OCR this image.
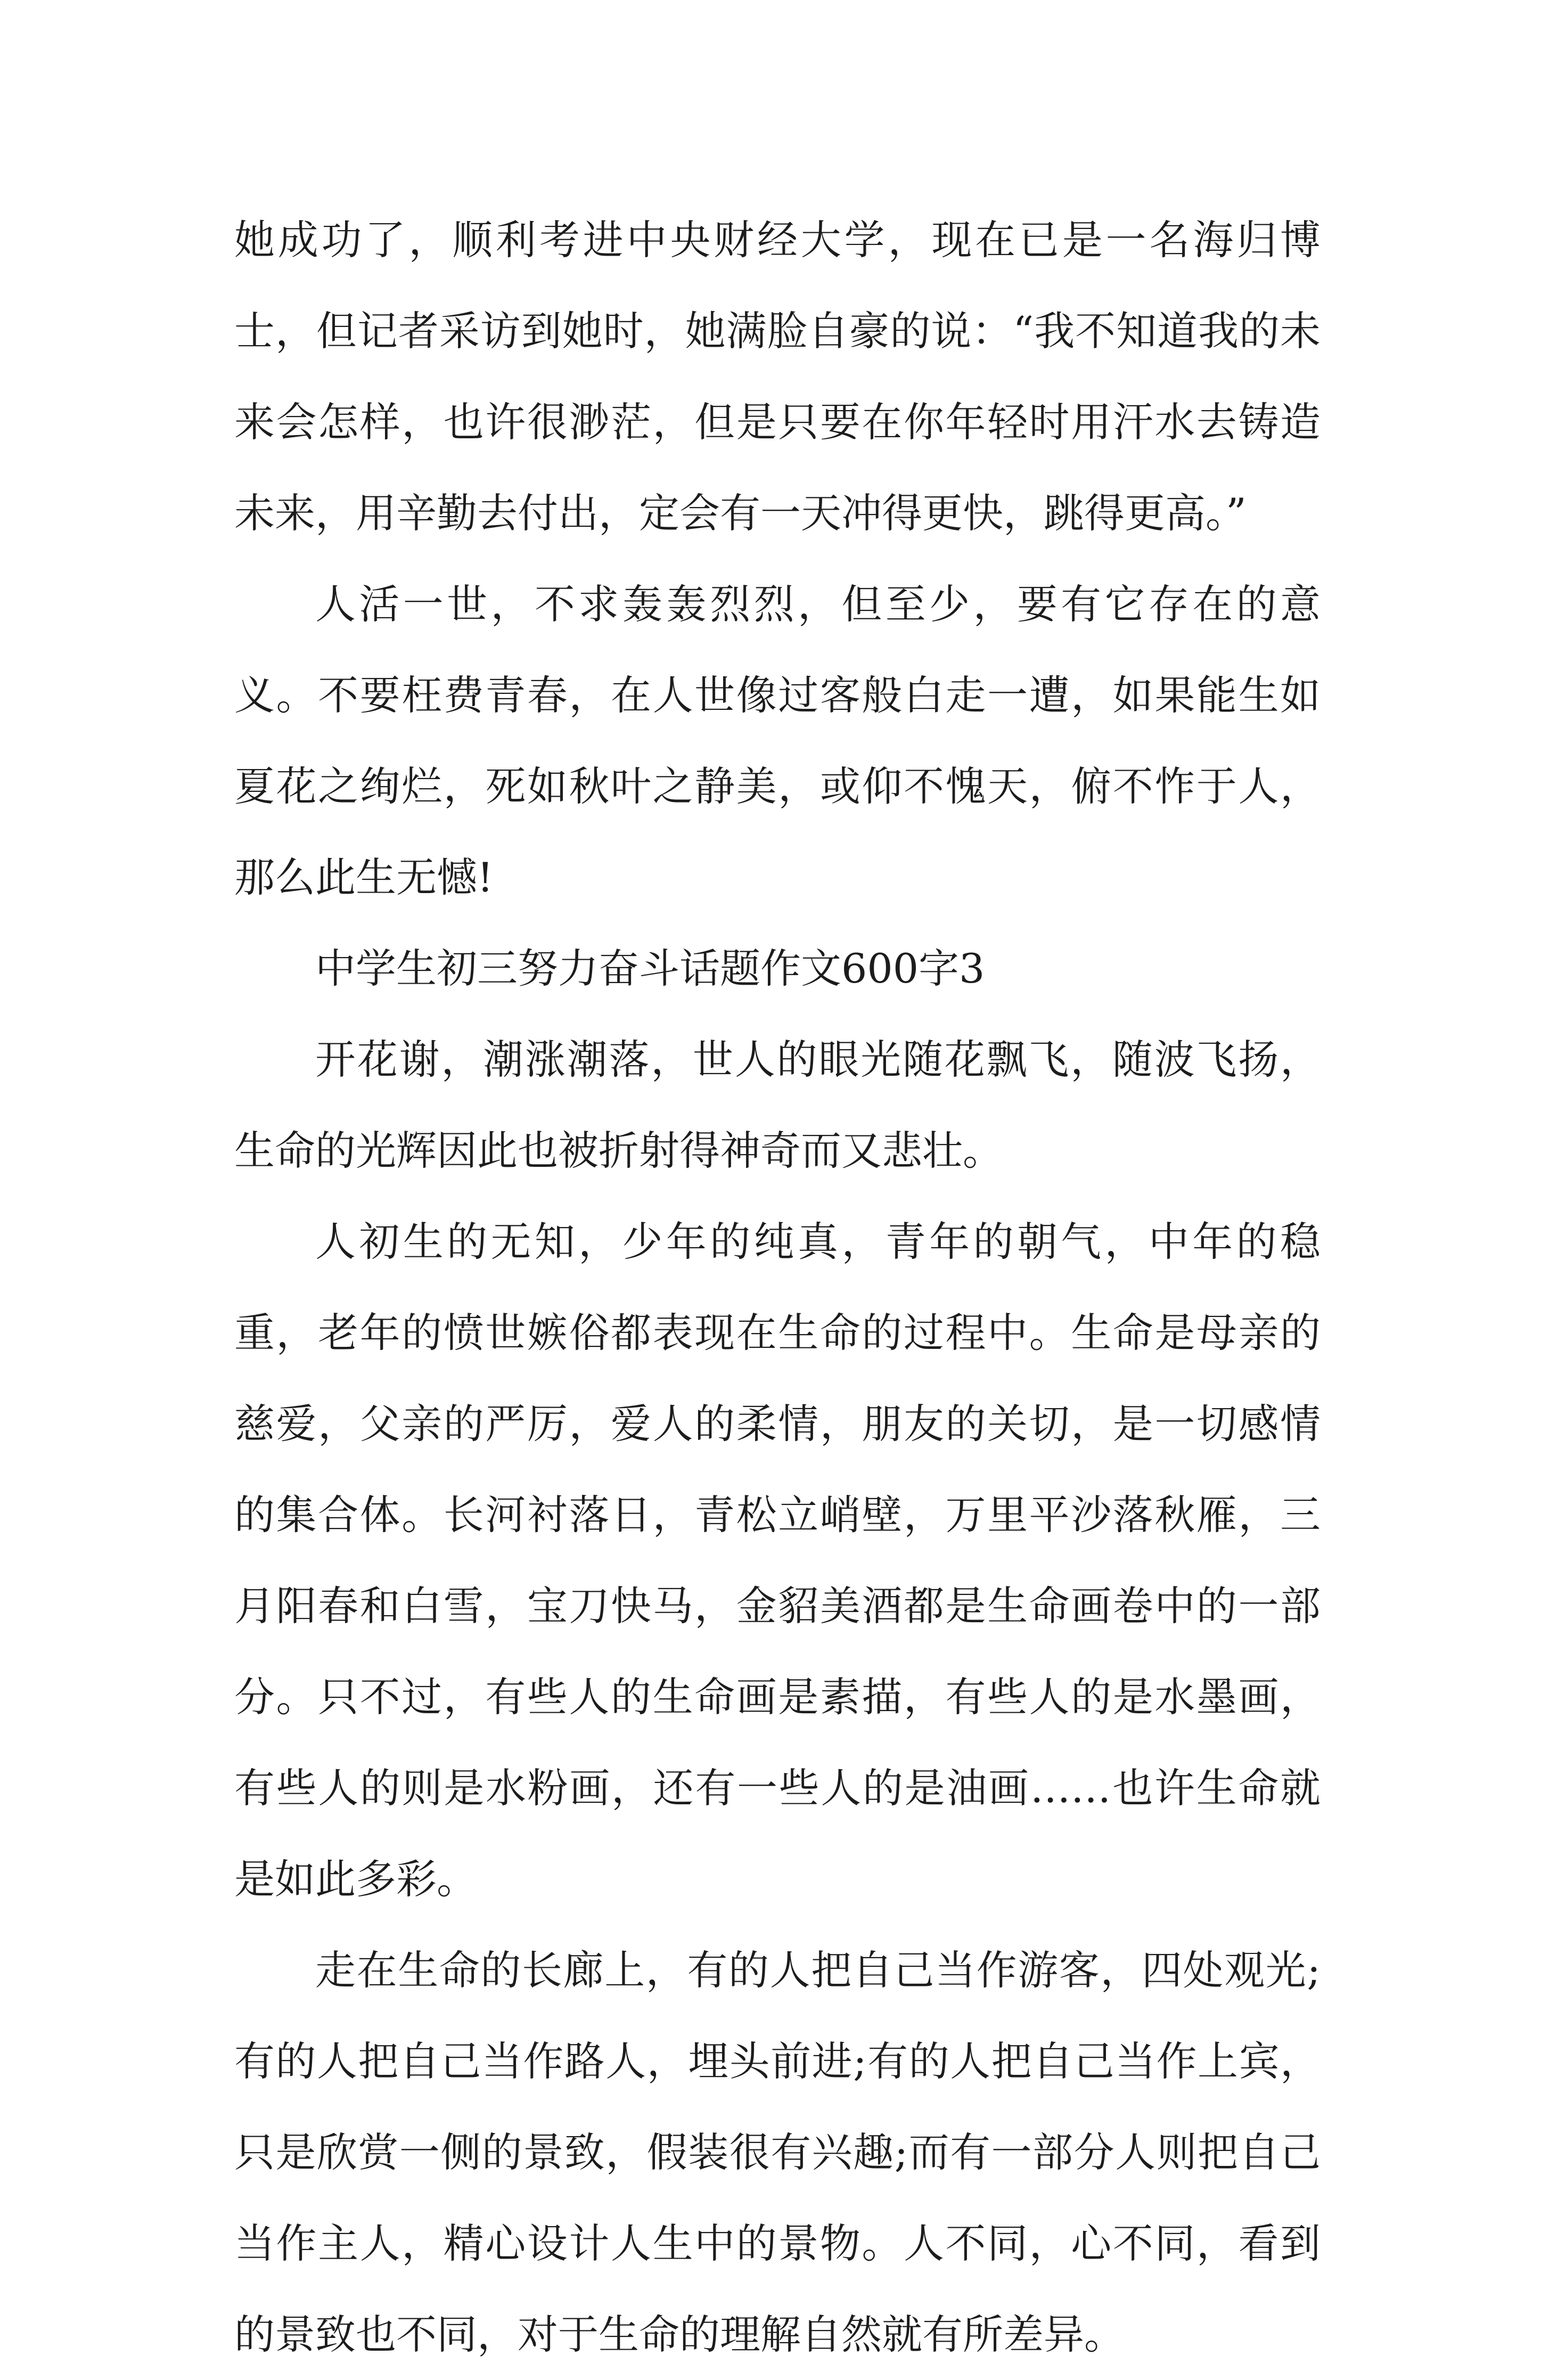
她成功了，顺利考进中央财经大学，现在已是一名海归博士，但记者采访到她时，她满脸自豪的说：“我不知道我的未来会怎样，也许很渺茫，但是只要在你年轻时用汗水去铸造未来，用辛勤去付出，定会有一天冲得更快，跳得更高。”

人活一世，不求轰轰烈烈，但至少，要有它存在的意义。不要枉费青春，在人世像过客般白走一遭，如果能生如夏花之绚烂，死如秋叶之静美，或仰不愧天，俯不怍于人，那么此生无憾!

中学生初三努力奋斗话题作文600字3

开花谢，潮涨潮落，世人的眼光随花飘飞，随波飞扬，生命的光辉因此也被折射得神奇而又悲壮。

人初生的无知，少年的纯真，青年的朝气，中年的稳重，老年的愤世嫉俗都表现在生命的过程中。生命是母亲的慈爱，父亲的严厉，爱人的柔情，朋友的关切，是一切感情的集合体。长河衬落日，青松立峭壁，万里平沙落秋雁，三月阳春和白雪，宝刀快马，金貂美酒都是生命画卷中的一部分。只不过，有些人的生命画是素描，有些人的是水墨画，有些人的则是水粉画，还有一些人的是油画……也许生命就是如此多彩。

走在生命的长廊上，有的人把自己当作游客，四处观光;有的人把自己当作路人，埋头前进;有的人把自己当作上宾，只是欣赏一侧的景致，假装很有兴趣;而有一部分人则把自己当作主人，精心设计人生中的景物。人不同，心不同，看到的景致也不同，对于生命的理解自然就有所差异。
